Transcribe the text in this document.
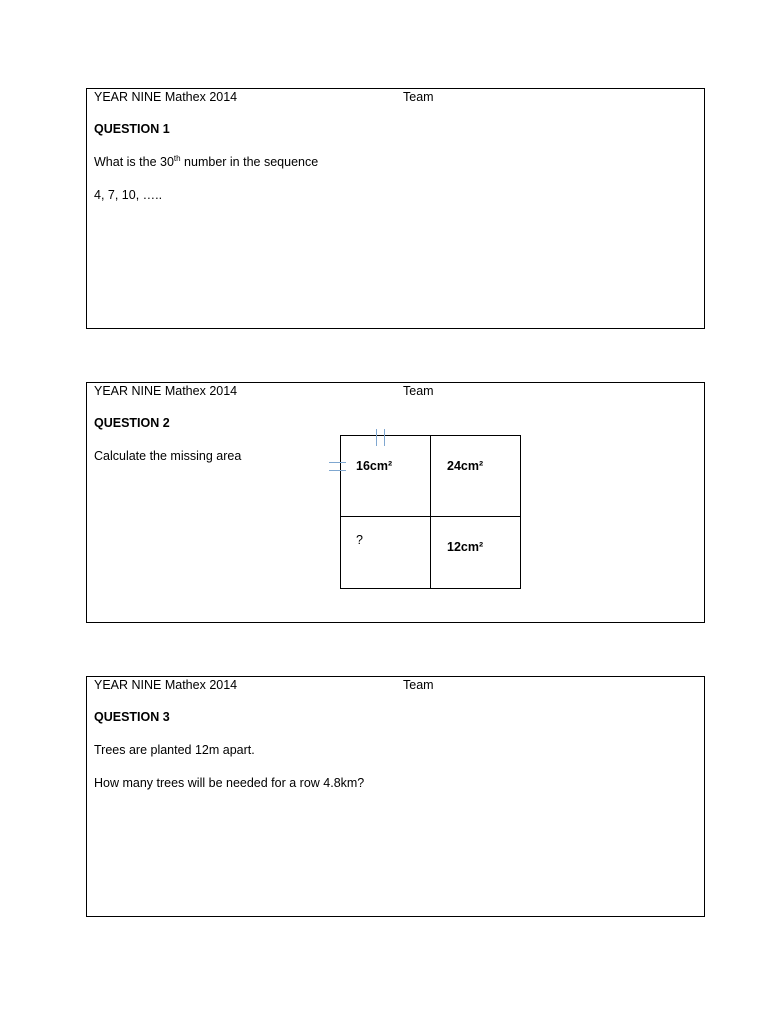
YEAR NINE Mathex 2014	Team
QUESTION 1
What is the 30th number in the sequence
4, 7, 10, …..
YEAR NINE Mathex 2014	Team
QUESTION 2
Calculate the missing area
16cm²	24cm²
?	12cm²
YEAR NINE Mathex 2014	Team
QUESTION 3
Trees are planted 12m apart.
How many trees will be needed for a row 4.8km?
